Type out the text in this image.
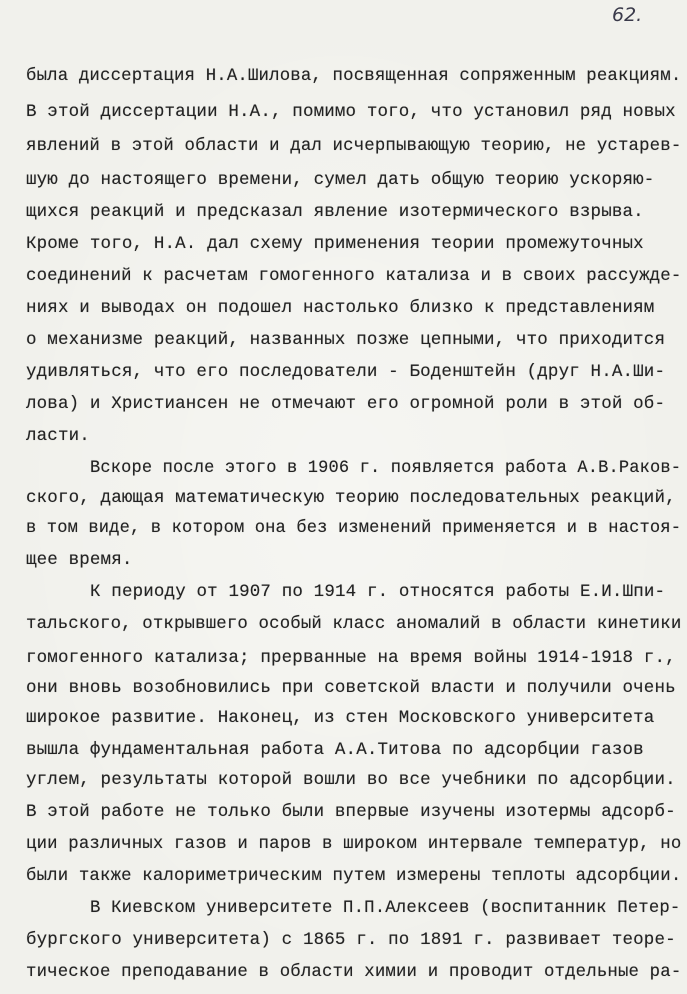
62.
была диссертация Н.А.Шилова, посвященная сопряженным реакциям.
В этой диссертации Н.А., помимо того, что установил ряд новых
явлений в этой области и дал исчерпывающую теорию, не устарев-
шую до настоящего времени, сумел дать общую теорию ускоряю-
щихся реакций и предсказал явление изотермического взрыва.
Кроме того, Н.А. дал схему применения теории промежуточных
соединений к расчетам гомогенного катализа и в своих рассужде-
ниях и выводах он подошел настолько близко к представлениям
о механизме реакций, названных позже цепными, что приходится
удивляться, что его последователи - Боденштейн (друг Н.А.Ши-
лова) и Христиансен не отмечают его огромной роли в этой об-
ласти.
Вскоре после этого в 1906 г. появляется работа А.В.Раков-
ского, дающая математическую теорию последовательных реакций,
в том виде, в котором она без изменений применяется и в настоя-
щее время.
К периоду от 1907 по 1914 г. относятся работы Е.И.Шпи-
тальского, открывшего особый класс аномалий в области кинетики
гомогенного катализа; прерванные на время войны 1914-1918 г.,
они вновь возобновились при советской власти и получили очень
широкое развитие. Наконец, из стен Московского университета
вышла фундаментальная работа А.А.Титова по адсорбции газов
углем, результаты которой вошли во все учебники по адсорбции.
В этой работе не только были впервые изучены изотермы адсорб-
ции различных газов и паров в широком интервале температур, но
были также калориметрическим путем измерены теплоты адсорбции.
В Киевском университете П.П.Алексеев (воспитанник Петер-
бургского университета) с 1865 г. по 1891 г. развивает теоре-
тическое преподавание в области химии и проводит отдельные ра-
